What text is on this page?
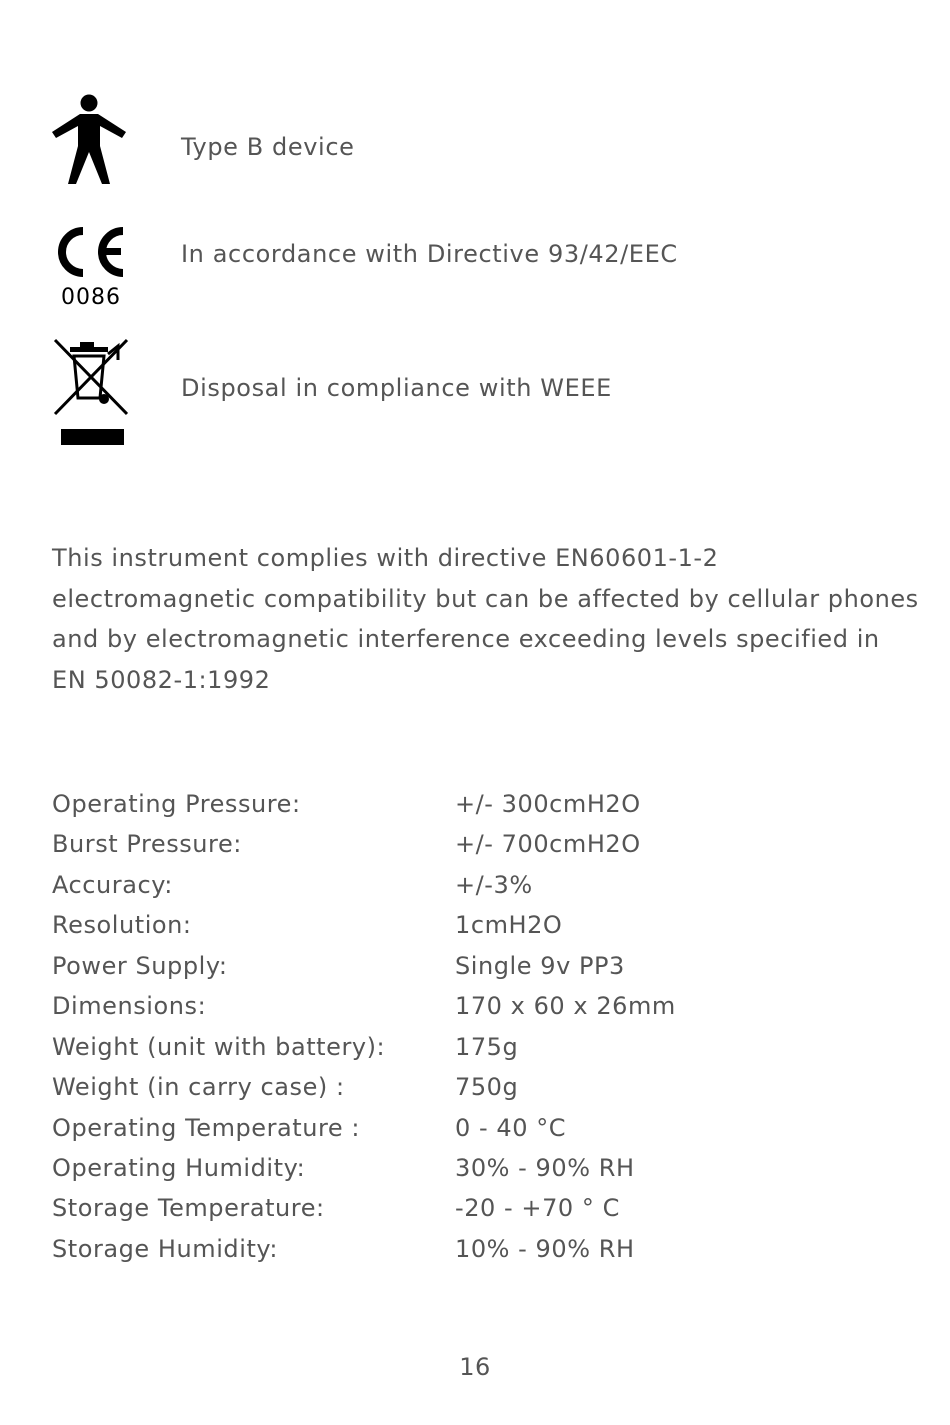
Type B device
0086
In accordance with Directive 93/42/EEC
Disposal in compliance with WEEE
This instrument complies with directive EN60601-1-2
electromagnetic compatibility but can be affected by cellular phones
and by electromagnetic interference exceeding levels specified in
EN 50082-1:1992
Operating Pressure:	+/- 300cmH2O
Burst Pressure:	+/- 700cmH2O
Accuracy:	+/-3%
Resolution:	1cmH2O
Power Supply:	Single 9v PP3
Dimensions:	170 x 60 x 26mm
Weight (unit with battery):	175g
Weight (in carry case) :	750g
Operating Temperature :	0 - 40 °C
Operating Humidity:	30% - 90% RH
Storage Temperature:	-20 - +70 ° C
Storage Humidity:	10% - 90% RH
16
